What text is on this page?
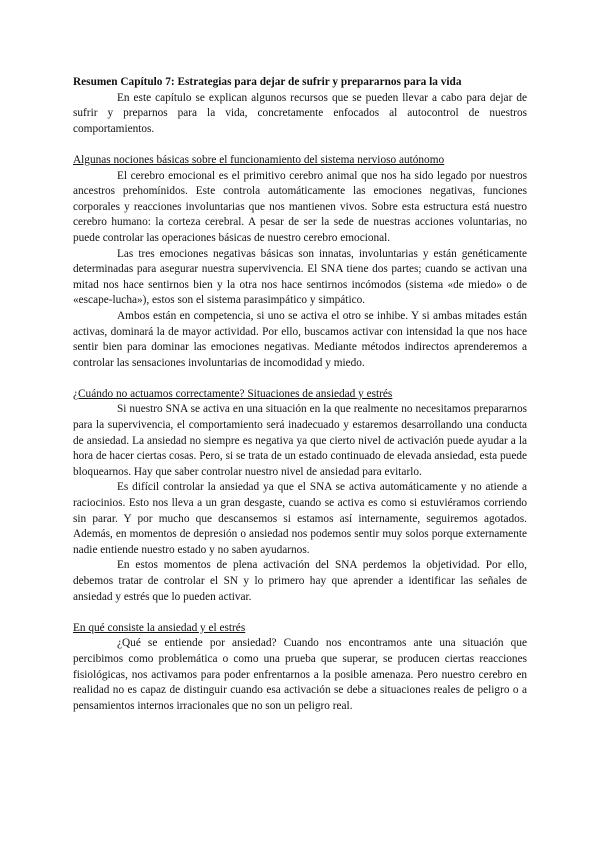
Resumen Capítulo 7: Estrategias para dejar de sufrir y prepararnos para la vida

En este capítulo se explican algunos recursos que se pueden llevar a cabo para dejar de sufrir y preparnos para la vida, concretamente enfocados al autocontrol de nuestros comportamientos.

Algunas nociones básicas sobre el funcionamiento del sistema nervioso autónomo

El cerebro emocional es el primitivo cerebro animal que nos ha sido legado por nuestros ancestros prehomínidos. Este controla automáticamente las emociones negativas, funciones corporales y reacciones involuntarias que nos mantienen vivos. Sobre esta estructura está nuestro cerebro humano: la corteza cerebral. A pesar de ser la sede de nuestras acciones voluntarias, no puede controlar las operaciones básicas de nuestro cerebro emocional.

Las tres emociones negativas básicas son innatas, involuntarias y están genéticamente determinadas para asegurar nuestra supervivencia. El SNA tiene dos partes; cuando se activan una mitad nos hace sentirnos bien y la otra nos hace sentirnos incómodos (sistema «de miedo» o de «escape-lucha»), estos son el sistema parasimpático y simpático.

Ambos están en competencia, si uno se activa el otro se inhibe. Y si ambas mitades están activas, dominará la de mayor actividad. Por ello, buscamos activar con intensidad la que nos hace sentir bien para dominar las emociones negativas. Mediante métodos indirectos aprenderemos a controlar las sensaciones involuntarias de incomodidad y miedo.

¿Cuándo no actuamos correctamente? Situaciones de ansiedad y estrés

Si nuestro SNA se activa en una situación en la que realmente no necesitamos prepararnos para la supervivencia, el comportamiento será inadecuado y estaremos desarrollando una conducta de ansiedad. La ansiedad no siempre es negativa ya que cierto nivel de activación puede ayudar a la hora de hacer ciertas cosas. Pero, si se trata de un estado continuado de elevada ansiedad, esta puede bloquearnos. Hay que saber controlar nuestro nivel de ansiedad para evitarlo.

Es difícil controlar la ansiedad ya que el SNA se activa automáticamente y no atiende a raciocinios. Esto nos lleva a un gran desgaste, cuando se activa es como si estuviéramos corriendo sin parar. Y por mucho que descansemos si estamos así internamente, seguiremos agotados. Además, en momentos de depresión o ansiedad nos podemos sentir muy solos porque externamente nadie entiende nuestro estado y no saben ayudarnos.

En estos momentos de plena activación del SNA perdemos la objetividad. Por ello, debemos tratar de controlar el SN y lo primero hay que aprender a identificar las señales de ansiedad y estrés que lo pueden activar.

En qué consiste la ansiedad y el estrés

¿Qué se entiende por ansiedad? Cuando nos encontramos ante una situación que percibimos como problemática o como una prueba que superar, se producen ciertas reacciones fisiológicas, nos activamos para poder enfrentarnos a la posible amenaza. Pero nuestro cerebro en realidad no es capaz de distinguir cuando esa activación se debe a situaciones reales de peligro o a pensamientos internos irracionales que no son un peligro real.
